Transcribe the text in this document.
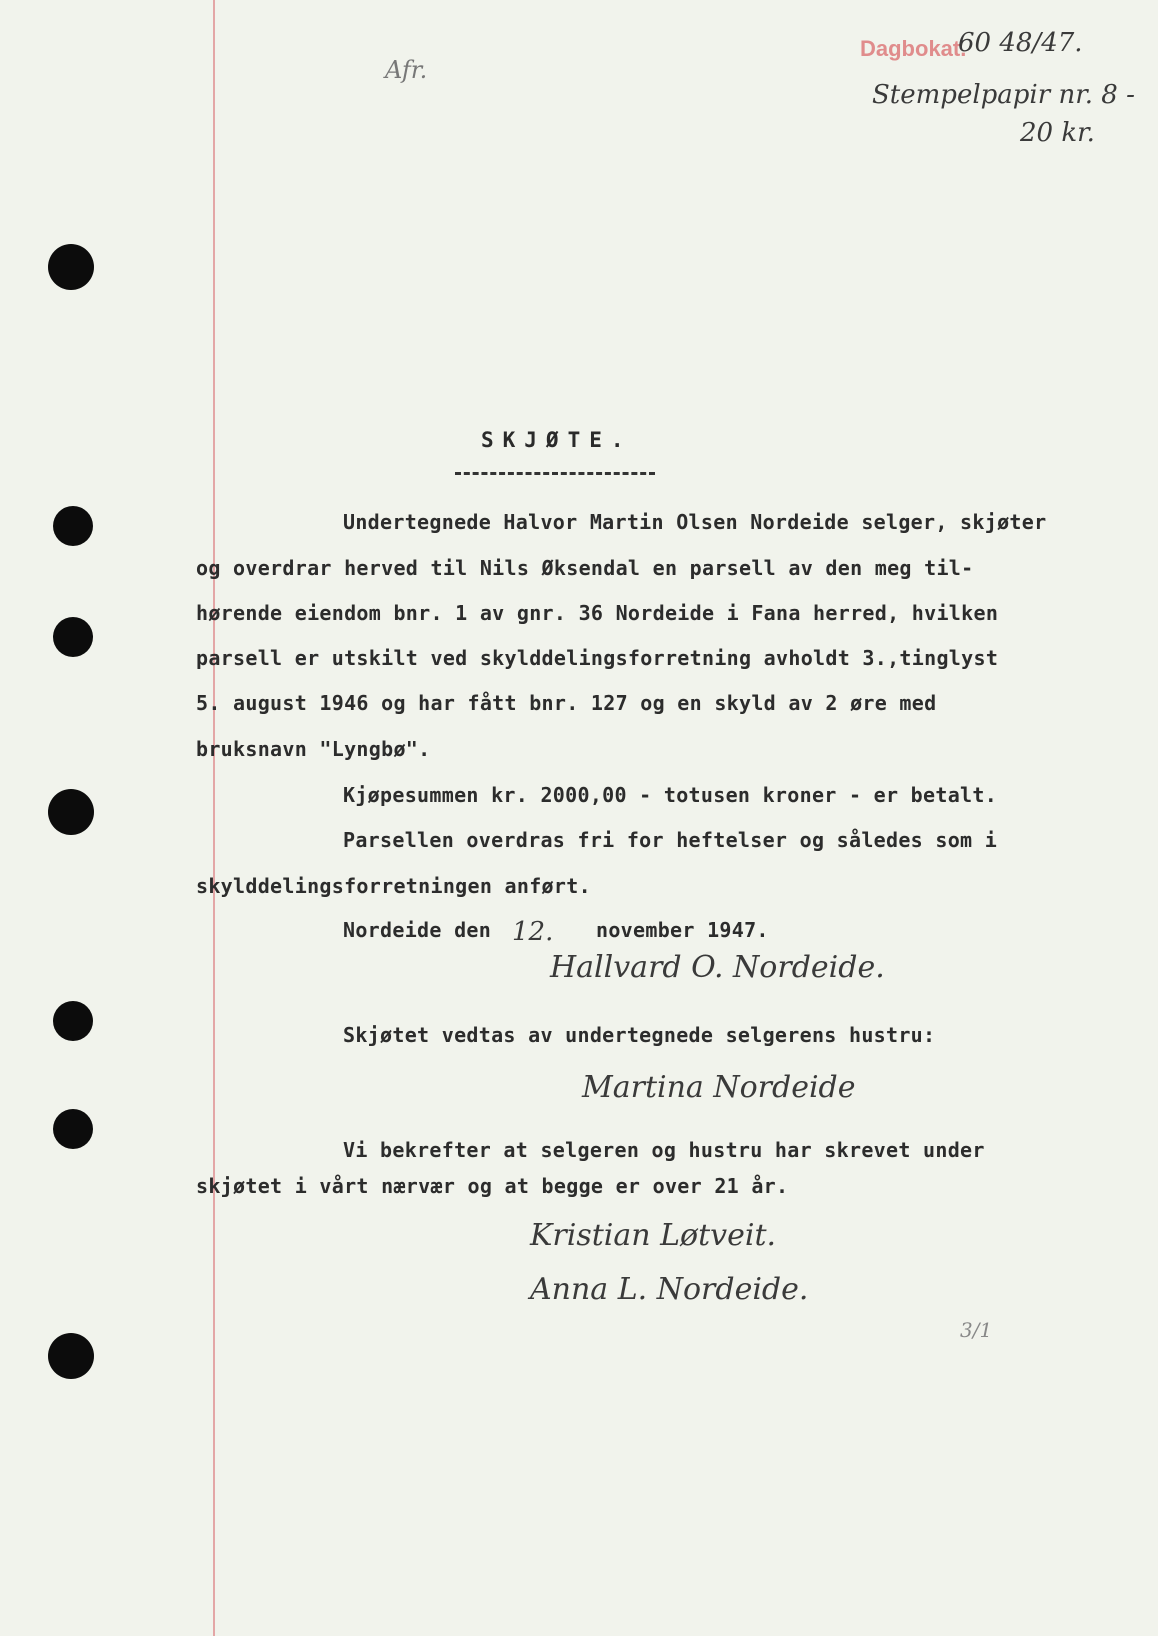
Dagbokat.
60 48/47.
Stempelpapir nr. 8 -
20 kr.
Afr.
SKJØTE.
Undertegnede Halvor Martin Olsen Nordeide selger, skjøter
og overdrar herved til Nils Øksendal en parsell av den meg til-
hørende eiendom bnr. 1 av gnr. 36 Nordeide i Fana herred, hvilken
parsell er utskilt ved skylddelingsforretning avholdt 3.,tinglyst
5. august 1946 og har fått bnr. 127 og en skyld av 2 øre med
bruksnavn "Lyngbø".
Kjøpesummen kr. 2000,00 - totusen kroner - er betalt.
Parsellen overdras fri for heftelser og således som i
skylddelingsforretningen anført.
Nordeide den 12. november 1947.
Hallvard O. Nordeide.
Skjøtet vedtas av undertegnede selgerens hustru:
Martina Nordeide
Vi bekrefter at selgeren og hustru har skrevet under
skjøtet i vårt nærvær og at begge er over 21 år.
Kristian Løtveit.
Anna L. Nordeide.
3/1
